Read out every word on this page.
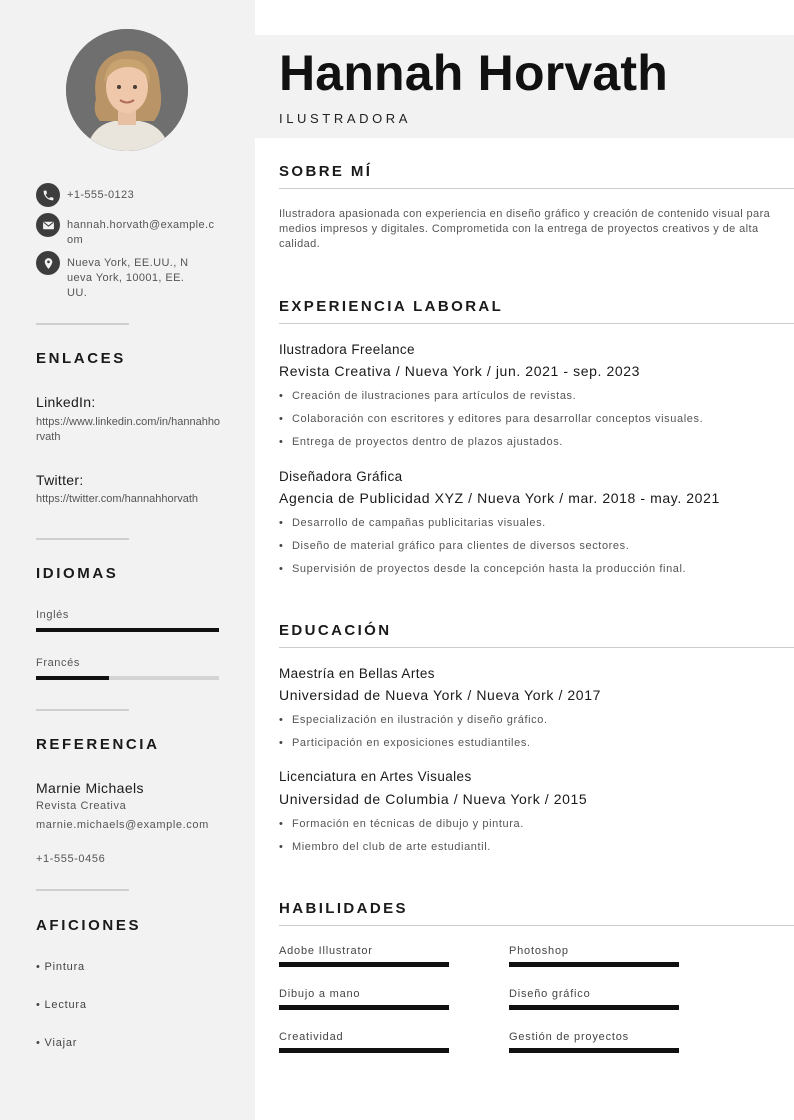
+1-555-0123
hannah.horvath@example.com
Nueva York, EE.UU., Nueva York, 10001, EE.UU.
ENLACES
LinkedIn:
https://www.linkedin.com/in/hannahhorvath
Twitter:
https://twitter.com/hannahhorvath
IDIOMAS
Inglés
Francés
REFERENCIA
Marnie Michaels
Revista Creativa
marnie.michaels@example.com
+1-555-0456
AFICIONES
• Pintura
• Lectura
• Viajar
Hannah Horvath
ILUSTRADORA
SOBRE MÍ
Ilustradora apasionada con experiencia en diseño gráfico y creación de contenido visual para medios impresos y digitales. Comprometida con la entrega de proyectos creativos y de alta calidad.
EXPERIENCIA LABORAL
Ilustradora Freelance
Revista Creativa / Nueva York / jun. 2021 - sep. 2023
• Creación de ilustraciones para artículos de revistas.
• Colaboración con escritores y editores para desarrollar conceptos visuales.
• Entrega de proyectos dentro de plazos ajustados.
Diseñadora Gráfica
Agencia de Publicidad XYZ / Nueva York / mar. 2018 - may. 2021
• Desarrollo de campañas publicitarias visuales.
• Diseño de material gráfico para clientes de diversos sectores.
• Supervisión de proyectos desde la concepción hasta la producción final.
EDUCACIÓN
Maestría en Bellas Artes
Universidad de Nueva York / Nueva York / 2017
• Especialización en ilustración y diseño gráfico.
• Participación en exposiciones estudiantiles.
Licenciatura en Artes Visuales
Universidad de Columbia / Nueva York / 2015
• Formación en técnicas de dibujo y pintura.
• Miembro del club de arte estudiantil.
HABILIDADES
Adobe Illustrator	Photoshop
Dibujo a mano	Diseño gráfico
Creatividad	Gestión de proyectos
